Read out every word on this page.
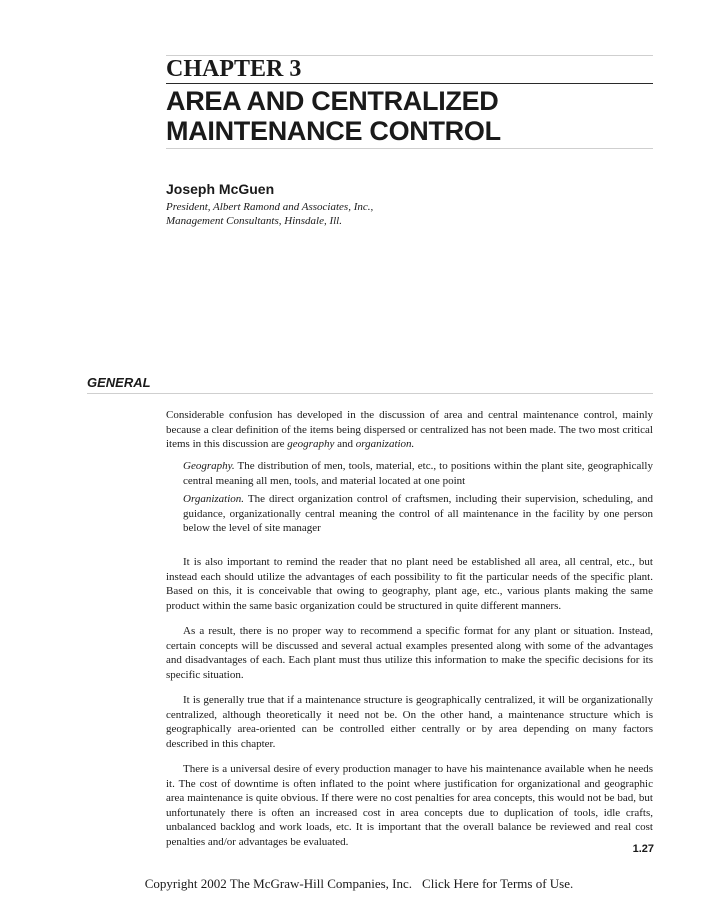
CHAPTER 3
AREA AND CENTRALIZED
MAINTENANCE CONTROL

Joseph McGuen

President, Albert Ramond and Associates, Inc.,
Management Consultants, Hinsdale, Ill.

GENERAL

Considerable confusion has developed in the discussion of area and central maintenance control, mainly because a clear definition of the items being dispersed or centralized has not been made. The two most critical items in this discussion are geography and organization.

Geography. The distribution of men, tools, material, etc., to positions within the plant site, geographically central meaning all men, tools, and material located at one point

Organization. The direct organization control of craftsmen, including their supervision, scheduling, and guidance, organizationally central meaning the control of all maintenance in the facility by one person below the level of site manager

It is also important to remind the reader that no plant need be established all area, all central, etc., but instead each should utilize the advantages of each possibility to fit the particular needs of the specific plant. Based on this, it is conceivable that owing to geography, plant age, etc., various plants making the same product within the same basic organization could be structured in quite different manners.

As a result, there is no proper way to recommend a specific format for any plant or situation. Instead, certain concepts will be discussed and several actual examples presented along with some of the advantages and disadvantages of each. Each plant must thus utilize this information to make the specific decisions for its specific situation.

It is generally true that if a maintenance structure is geographically centralized, it will be organizationally centralized, although theoretically it need not be. On the other hand, a maintenance structure which is geographically area-oriented can be controlled either centrally or by area depending on many factors described in this chapter.

There is a universal desire of every production manager to have his maintenance available when he needs it. The cost of downtime is often inflated to the point where justification for organizational and geographic area maintenance is quite obvious. If there were no cost penalties for area concepts, this would not be bad, but unfortunately there is often an increased cost in area concepts due to duplication of tools, idle crafts, unbalanced backlog and work loads, etc. It is important that the overall balance be reviewed and real cost penalties and/or advantages be evaluated.

1.27

Copyright 2002 The McGraw-Hill Companies, Inc. Click Here for Terms of Use.
